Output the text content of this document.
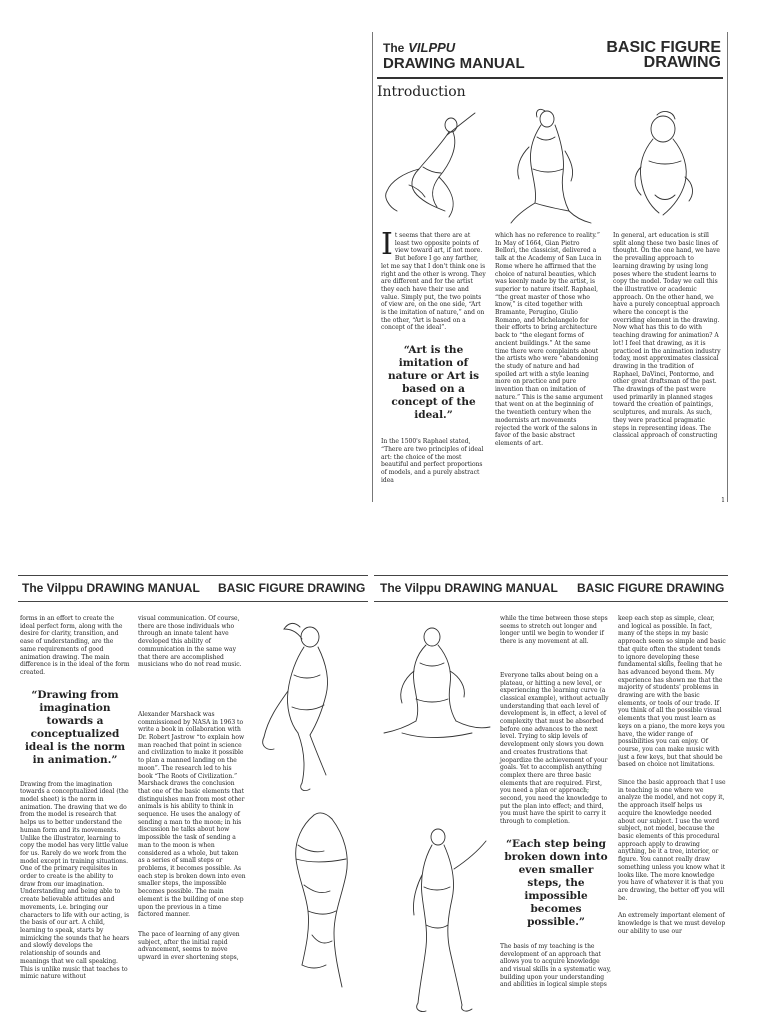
The VILPPU
DRAWING MANUAL
BASIC FIGURE
DRAWING
Introduction

It seems that there are at least two opposite points of view toward art, if not more. But before I go any farther, let me say that I don't think one is right and the other is wrong. They are different and for the artist they each have their use and value. Simply put, the two points of view are, on the one side, “Art is the imitation of nature,” and on the other, “Art is based on a concept of the ideal”.

“Art is the imitation of nature or Art is based on a concept of the ideal.”

In the 1500's Raphael stated, “There are two principles of ideal art: the choice of the most beautiful and perfect proportions of models, and a purely abstract idea

which has no reference to reality.” In May of 1664, Gian Pietro Bellori, the classicist, delivered a talk at the Academy of San Luca in Rome where he affirmed that the choice of natural beauties, which was keenly made by the artist, is superior to nature itself. Raphael, “the great master of those who know,” is cited together with Bramante, Perugino, Giulio Romano, and Michelangelo for their efforts to bring architecture back to “the elegant forms of ancient buildings.” At the same time there were complaints about the artists who were “abandoning the study of nature and had spoiled art with a style leaning more on practice and pure invention than on imitation of nature.” This is the same argument that went on at the beginning of the twentieth century when the modernists art movements rejected the work of the salons in favor of the basic abstract elements of art.

In general, art education is still split along these two basic lines of thought. On the one hand, we have the prevailing approach to learning drawing by using long poses where the student learns to copy the model. Today we call this the illustrative or academic approach. On the other hand, we have a purely conceptual approach where the concept is the overriding element in the drawing. Now what has this to do with teaching drawing for animation? A lot! I feel that drawing, as it is practiced in the animation industry today, most approximates classical drawing in the tradition of Raphael, DaVinci, Pontormo, and other great draftsman of the past. The drawings of the past were used primarily in planned stages toward the creation of paintings, sculptures, and murals. As such, they were practical pragmatic steps in representing ideas. The classical approach of constructing

1
The Vilppu DRAWING MANUAL BASIC FIGURE DRAWING

forms in an effort to create the ideal perfect form, along with the desire for clarity, transition, and ease of understanding, are the same requirements of good animation drawing. The main difference is in the ideal of the form created.

“Drawing from imagination towards a conceptualized ideal is the norm in animation.”

Drawing from the imagination towards a conceptualized ideal (the model sheet) is the norm in animation. The drawing that we do from the model is research that helps us to better understand the human form and its movements. Unlike the illustrator, learning to copy the model has very little value for us. Rarely do we work from the model except in training situations. One of the primary requisites in order to create is the ability to draw from our imagination. Understanding and being able to create believable attitudes and movements, i.e. bringing our characters to life with our acting, is the basis of our art. A child, learning to speak, starts by mimicking the sounds that he hears and slowly develops the relationship of sounds and meanings that we call speaking. This is unlike music that teaches to mimic nature without

visual communication. Of course, there are those individuals who through an innate talent have developed this ability of communication in the same way that there are accomplished musicians who do not read music.

Alexander Marshack was commissioned by NASA in 1963 to write a book in collaboration with Dr. Robert Jastrow “to explain how man reached that point in science and civilization to make it possible to plan a manned landing on the moon”. The research led to his book “The Roots of Civilization.” Marshack draws the conclusion that one of the basic elements that distinguishes man from most other animals is his ability to think in sequence. He uses the analogy of sending a man to the moon; in his discussion he talks about how impossible the task of sending a man to the moon is when considered as a whole, but taken as a series of small steps or problems, it becomes possible. As each step is broken down into even smaller steps, the impossible becomes possible. The main element is the building of one step upon the previous in a time factored manner.

The pace of learning of any given subject, after the initial rapid advancement, seems to move upward in ever shortening steps,

The Vilppu DRAWING MANUAL BASIC FIGURE DRAWING

while the time between those steps seems to stretch out longer and longer until we begin to wonder if there is any movement at all.

Everyone talks about being on a plateau, or hitting a new level, or experiencing the learning curve (a classical example), without actually understanding that each level of development is, in effect, a level of complexity that must be absorbed before one advances to the next level. Trying to skip levels of development only slows you down and creates frustrations that jeopardize the achievement of your goals. Yet to accomplish anything complex there are three basic elements that are required. First, you need a plan or approach; second, you need the knowledge to put the plan into effect; and third, you must have the spirit to carry it through to completion.

“Each step being broken down into even smaller steps, the impossible becomes possible.”

The basis of my teaching is the development of an approach that allows you to acquire knowledge and visual skills in a systematic way, building upon your understanding and abilities in logical simple steps

keep each step as simple, clear, and logical as possible. In fact, many of the steps in my basic approach seem so simple and basic that quite often the student tends to ignore developing these fundamental skills, feeling that he has advanced beyond them. My experience has shown me that the majority of students' problems in drawing are with the basic elements, or tools of our trade. If you think of all the possible visual elements that you must learn as keys on a piano, the more keys you have, the wider range of possibilities you can enjoy. Of course, you can make music with just a few keys, but that should be based on choice not limitations.

Since the basic approach that I use in teaching is one where we analyze the model, and not copy it, the approach itself helps us acquire the knowledge needed about our subject. I use the word subject, not model, because the basic elements of this procedural approach apply to drawing anything, be it a tree, interior, or figure. You cannot really draw something unless you know what it looks like. The more knowledge you have of whatever it is that you are drawing, the better off you will be.

An extremely important element of knowledge is that we must develop our ability to use our
